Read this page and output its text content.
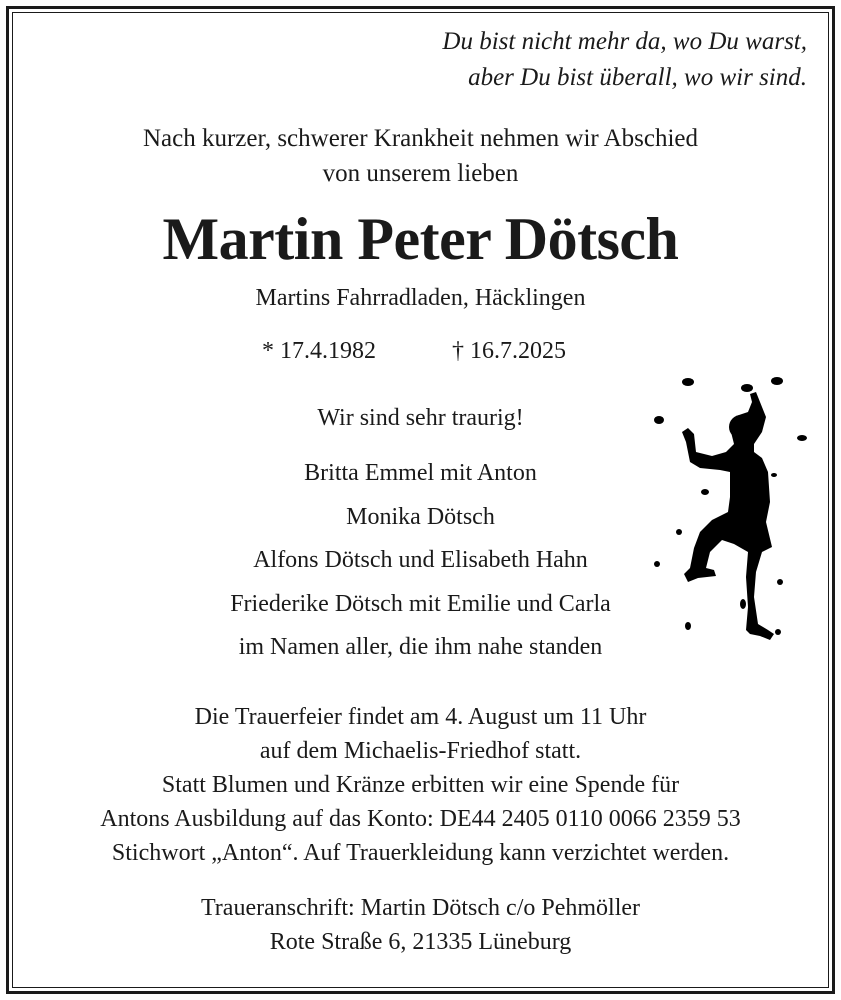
Du bist nicht mehr da, wo Du warst,
aber Du bist überall, wo wir sind.
Nach kurzer, schwerer Krankheit nehmen wir Abschied
von unserem lieben
Martin Peter Dötsch
Martins Fahrradladen, Häcklingen
* 17.4.1982	† 16.7.2025
Wir sind sehr traurig!
Britta Emmel mit Anton
Monika Dötsch
Alfons Dötsch und Elisabeth Hahn
Friederike Dötsch mit Emilie und Carla
im Namen aller, die ihm nahe standen
Die Trauerfeier findet am 4. August um 11 Uhr
auf dem Michaelis-Friedhof statt.
Statt Blumen und Kränze erbitten wir eine Spende für
Antons Ausbildung auf das Konto: DE44 2405 0110 0066 2359 53
Stichwort „Anton“. Auf Trauerkleidung kann verzichtet werden.
Traueranschrift: Martin Dötsch c/o Pehmöller
Rote Straße 6, 21335 Lüneburg
